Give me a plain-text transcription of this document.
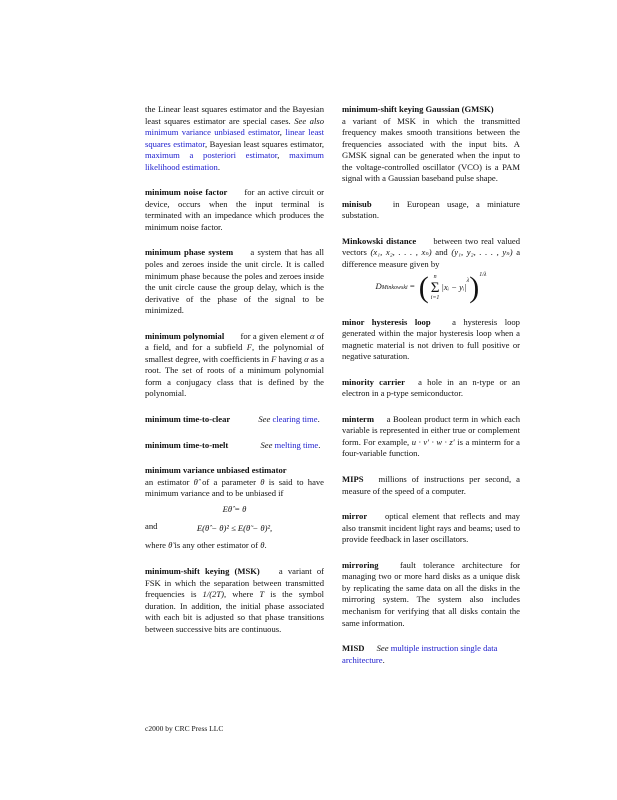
the Linear least squares estimator and the Bayesian least squares estimator are special cases. See also minimum variance unbiased estimator, linear least squares estimator, Bayesian least squares estimator, maximum a posteriori estimator, maximum likelihood estimation.
minimum noise factor for an active circuit or device, occurs when the input terminal is terminated with an impedance which produces the minimum noise factor.
minimum phase system a system that has all poles and zeroes inside the unit circle. It is called minimum phase because the poles and zeroes inside the unit circle cause the group delay, which is the derivative of the phase of the signal to be minimized.
minimum polynomial for a given element α of a field, and for a subfield F, the polynomial of smallest degree, with coefficients in F having α as a root. The set of roots of a minimum polynomial form a conjugacy class that is defined by the polynomial.
minimum time-to-clear	See clearing time.
minimum time-to-melt	See melting time.
minimum variance unbiased estimator
an estimator θ̂ of a parameter θ is said to have minimum variance and to be unbiased if
Eθ̂ = θ
and	E(θ̂ − θ)² ≤ E(θ̃ − θ)²,
where θ̃ is any other estimator of θ.
minimum-shift keying (MSK) a variant of FSK in which the separation between transmitted frequencies is 1/(2T), where T is the symbol duration. In addition, the initial phase associated with each bit is adjusted so that phase transitions between successive bits are continuous.
minimum-shift keying Gaussian (GMSK)
a variant of MSK in which the transmitted frequency makes smooth transitions between the frequencies associated with the input bits. A GMSK signal can be generated when the input to the voltage-controlled oscillator (VCO) is a PAM signal with a Gaussian baseband pulse shape.
minisub in European usage, a miniature substation.
Minkowski distance between two real valued vectors (x₁, x₂, . . . , xₙ) and (y₁, y₂, . . . , yₙ) a difference measure given by
DMinkowski = ( n
Σ
i=1
|xᵢ − yᵢ|
λ ) 1/λ
minor hysteresis loop a hysteresis loop generated within the major hysteresis loop when a magnetic material is not driven to full positive or negative saturation.
minority carrier a hole in an n-type or an electron in a p-type semiconductor.
minterm a Boolean product term in which each variable is represented in either true or complement form. For example, u · v′ · w · z′ is a minterm for a four-variable function.
MIPS millions of instructions per second, a measure of the speed of a computer.
mirror optical element that reflects and may also transmit incident light rays and beams; used to provide feedback in laser oscillators.
mirroring fault tolerance architecture for managing two or more hard disks as a unique disk by replicating the same data on all the disks in the mirroring system. The system also includes mechanism for verifying that all disks contain the same information.
MISD See multiple instruction single data architecture.
c2000 by CRC Press LLC
